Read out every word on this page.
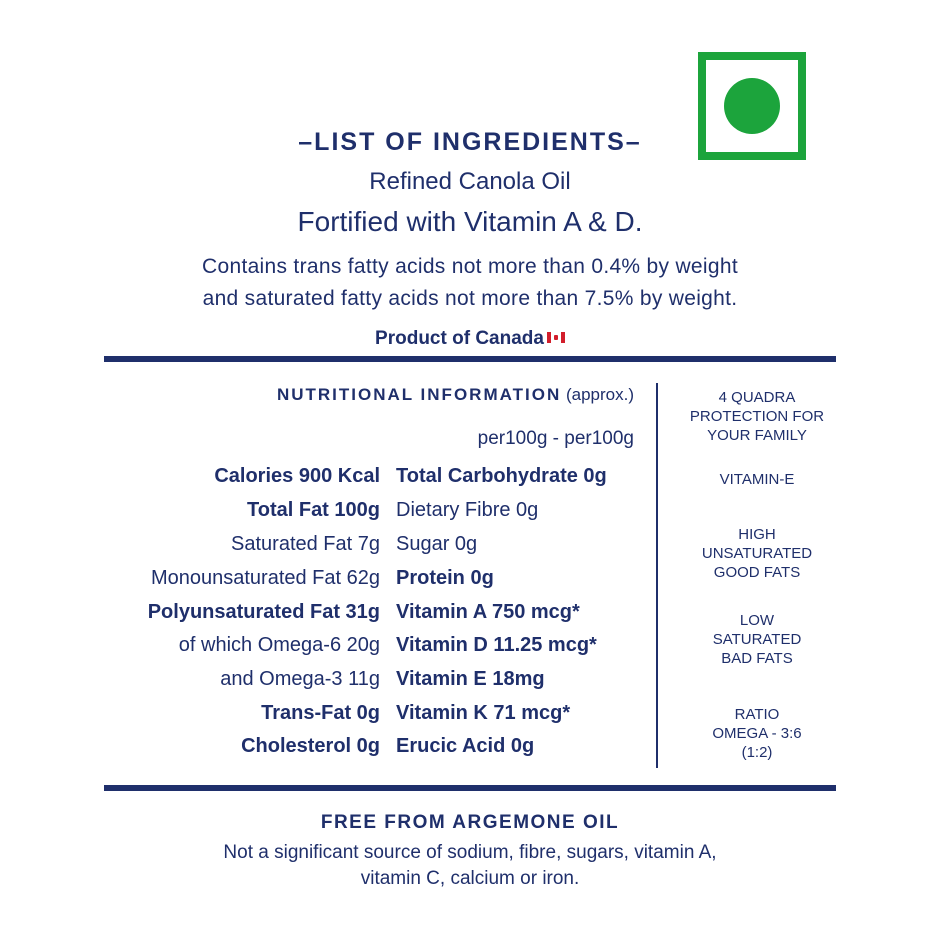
–LIST OF INGREDIENTS–
Refined Canola Oil
Fortified with Vitamin A & D.
Contains trans fatty acids not more than 0.4% by weight
and saturated fatty acids not more than 7.5% by weight.
Product of Canada
NUTRITIONAL INFORMATION (approx.)
per100g - per100g
Calories 900 Kcal
Total Fat 100g
Saturated Fat 7g
Monounsaturated Fat 62g
Polyunsaturated Fat 31g
of which Omega-6 20g
and Omega-3 11g
Trans-Fat 0g
Cholesterol 0g
Total Carbohydrate 0g
Dietary Fibre 0g
Sugar 0g
Protein 0g
Vitamin A 750 mcg*
Vitamin D 11.25 mcg*
Vitamin E 18mg
Vitamin K 71 mcg*
Erucic Acid 0g
4 QUADRA
PROTECTION FOR
YOUR FAMILY
VITAMIN-E
HIGH
UNSATURATED
GOOD FATS
LOW
SATURATED
BAD FATS
RATIO
OMEGA - 3:6
(1:2)
FREE FROM ARGEMONE OIL
Not a significant source of sodium, fibre, sugars, vitamin A,
vitamin C, calcium or iron.
